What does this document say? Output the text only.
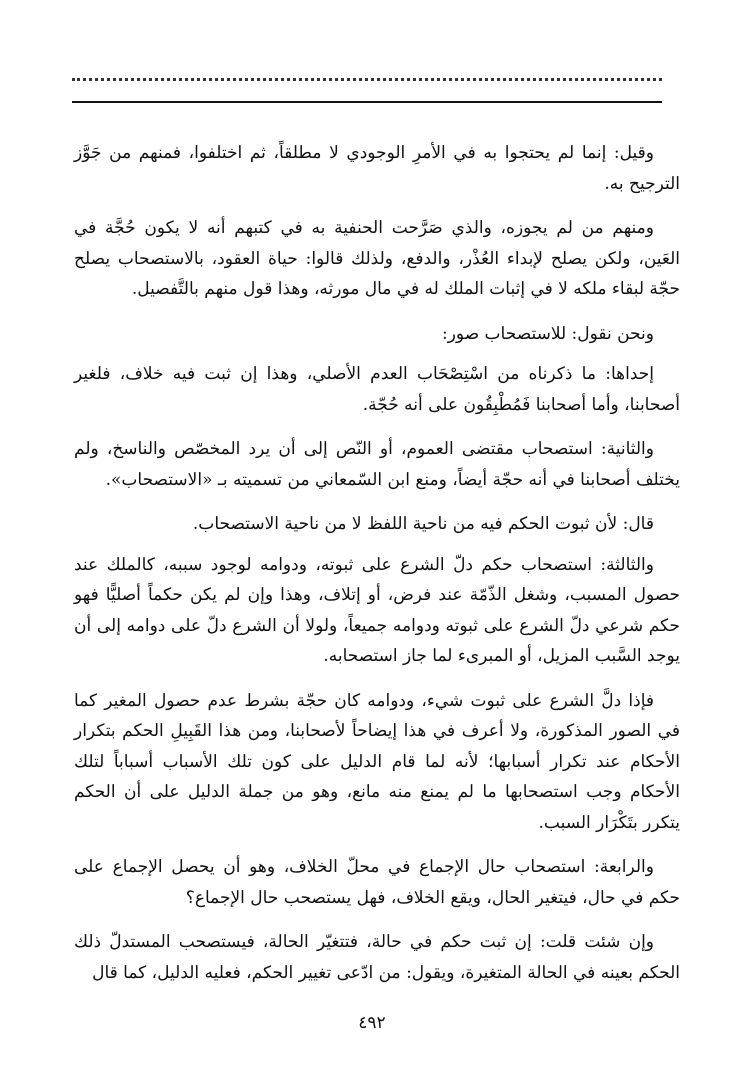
وقيل: إنما لم يحتجوا به في الأمرِ الوجودي لا مطلقاً، ثم اختلفوا، فمنهم من جَوَّز الترجيح به.

ومنهم من لم يجوزه، والذي صَرَّحت الحنفية به في كتبهم أنه لا يكون حُجَّة في العَين، ولكن يصلح لإبداء العُذْر، والدفع، ولذلك قالوا: حياة العقود، بالاستصحاب يصلح حجّة لبقاء ملكه لا في إثبات الملك له في مال مورثه، وهذا قول منهم بالتَّفصيل.

ونحن نقول: للاستصحاب صور:

إحداها: ما ذكرناه من اسْتِصْحَاب العدم الأصلي، وهذا إن ثبت فيه خلاف، فلغير أصحابنا، وأما أصحابنا فَمُطْبِقُون على أنه حُجّة.

والثانية: استصحاب مقتضى العموم، أو النّص إلى أن يرد المخصّص والناسخ، ولم يختلف أصحابنا في أنه حجّة أيضاً، ومنع ابن السّمعاني من تسميته بـ «الاستصحاب».

قال: لأن ثبوت الحكم فيه من ناحية اللفظ لا من ناحية الاستصحاب.

والثالثة: استصحاب حكم دلّ الشرع على ثبوته، ودوامه لوجود سببه، كالملك عند حصول المسبب، وشغل الذّمّة عند فرض، أو إتلاف، وهذا وإن لم يكن حكماً أصليًّا فهو حكم شرعي دلّ الشرع على ثبوته ودوامه جميعاً، ولولا أن الشرع دلّ على دوامه إلى أن يوجد السَّبب المزيل، أو المبرىء لما جاز استصحابه.

فإذا دلَّ الشرع على ثبوت شيء، ودوامه كان حجّة بشرط عدم حصول المغير كما في الصور المذكورة، ولا أعرف في هذا إيضاحاً لأصحابنا، ومن هذا القَبِيلِ الحكم بتكرار الأحكام عند تكرار أسبابها؛ لأنه لما قام الدليل على كون تلك الأسباب أسباباً لتلك الأحكام وجب استصحابها ما لم يمنع منه مانع، وهو من جملة الدليل على أن الحكم يتكرر بتَكْرَار السبب.

والرابعة: استصحاب حال الإجماع في محلّ الخلاف، وهو أن يحصل الإجماع على حكم في حال، فيتغير الحال، ويقع الخلاف، فهل يستصحب حال الإجماع؟

وإن شئت قلت: إن ثبت حكم في حالة، فتتغيّر الحالة، فيستصحب المستدلّ ذلك الحكم بعينه في الحالة المتغيرة، ويقول: من ادّعى تغيير الحكم، فعليه الدليل، كما قال

٤٩٢
